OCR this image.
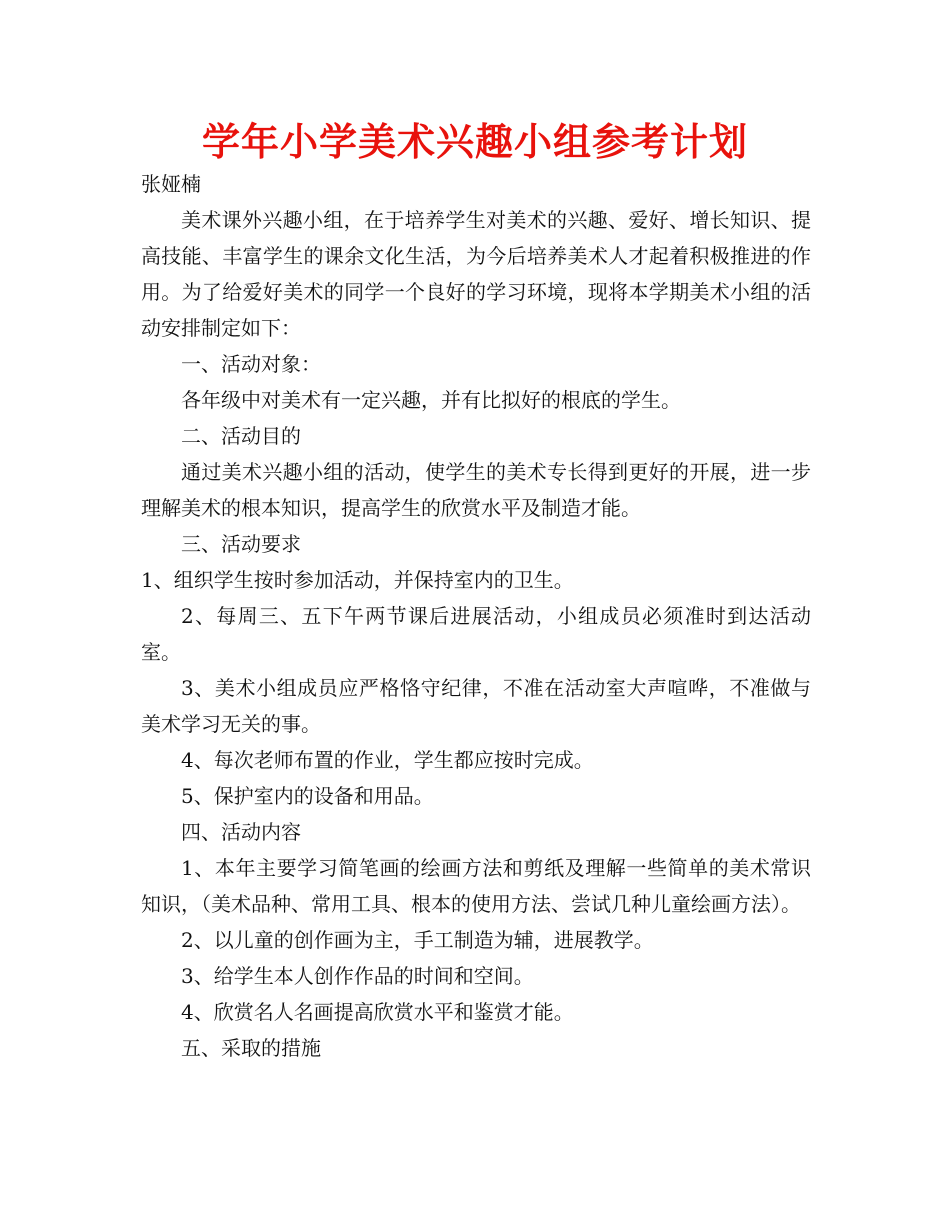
学年小学美术兴趣小组参考计划

张娅楠

美术课外兴趣小组，在于培养学生对美术的兴趣、爱好、增长知识、提高技能、丰富学生的课余文化生活，为今后培养美术人才起着积极推进的作用。为了给爱好美术的同学一个良好的学习环境，现将本学期美术小组的活动安排制定如下：

一、活动对象：

各年级中对美术有一定兴趣，并有比拟好的根底的学生。

二、活动目的

通过美术兴趣小组的活动，使学生的美术专长得到更好的开展，进一步理解美术的根本知识，提高学生的欣赏水平及制造才能。

三、活动要求

1、组织学生按时参加活动，并保持室内的卫生。

2、每周三、五下午两节课后进展活动，小组成员必须准时到达活动室。

3、美术小组成员应严格恪守纪律，不准在活动室大声喧哗，不准做与美术学习无关的事。

4、每次老师布置的作业，学生都应按时完成。

5、保护室内的设备和用品。

四、活动内容

1、本年主要学习简笔画的绘画方法和剪纸及理解一些简单的美术常识知识，（美术品种、常用工具、根本的使用方法、尝试几种儿童绘画方法）。

2、以儿童的创作画为主，手工制造为辅，进展教学。

3、给学生本人创作作品的时间和空间。

4、欣赏名人名画提高欣赏水平和鉴赏才能。

五、采取的措施
